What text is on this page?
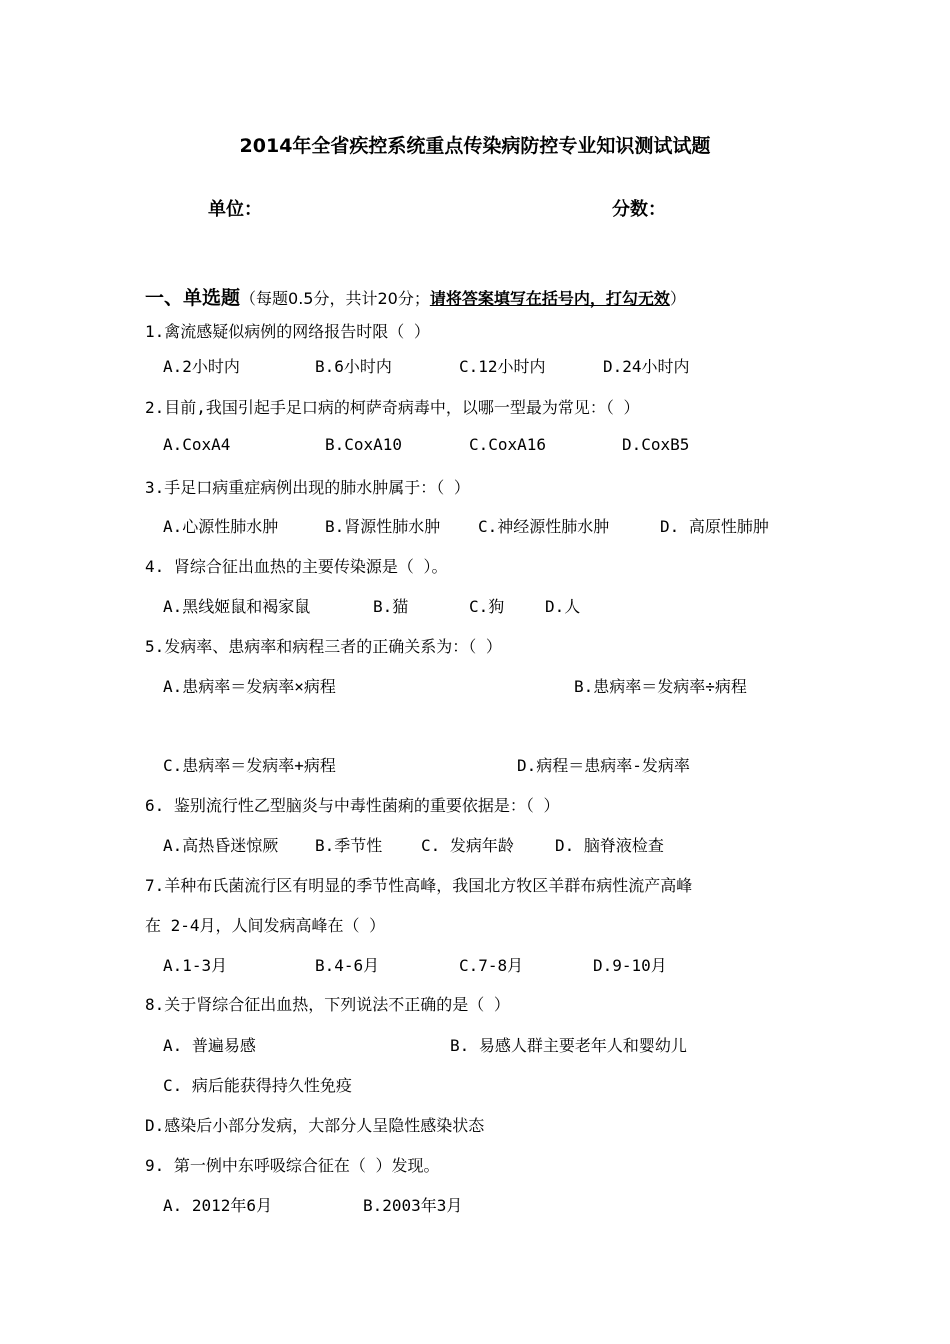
2014年全省疾控系统重点传染病防控专业知识测试试题
单位：	分数：
一、单选题（每题0.5分，共计20分；请将答案填写在括号内，打勾无效）
1.禽流感疑似病例的网络报告时限（ ）
A.2小时内	B.6小时内	C.12小时内	D.24小时内
2.目前,我国引起手足口病的柯萨奇病毒中，以哪一型最为常见：（ ）
A.CoxA4	B.CoxA10	C.CoxA16	D.CoxB5
3.手足口病重症病例出现的肺水肿属于：（ ）
A.心源性肺水肿	B.肾源性肺水肿 C.神经源性肺水肿	D. 高原性肺肿
4. 肾综合征出血热的主要传染源是（ ）。
A.黑线姬鼠和褐家鼠	B.猫	C.狗	D.人
5.发病率、患病率和病程三者的正确关系为：（ ）
A.患病率＝发病率×病程	B.患病率＝发病率÷病程
C.患病率＝发病率+病程	D.病程＝患病率-发病率
6. 鉴别流行性乙型脑炎与中毒性菌痢的重要依据是：（ ）
A.高热昏迷惊厥 B.季节性 C. 发病年龄	D. 脑脊液检查
7.羊种布氏菌流行区有明显的季节性高峰，我国北方牧区羊群布病性流产高峰
在 2-4月，人间发病高峰在（ ）
A.1-3月	B.4-6月	C.7-8月	D.9-10月
8.关于肾综合征出血热，下列说法不正确的是（ ）
A. 普遍易感	B. 易感人群主要老年人和婴幼儿
C. 病后能获得持久性免疫
D.感染后小部分发病，大部分人呈隐性感染状态
9. 第一例中东呼吸综合征在（ ）发现。
A. 2012年6月	B.2003年3月
